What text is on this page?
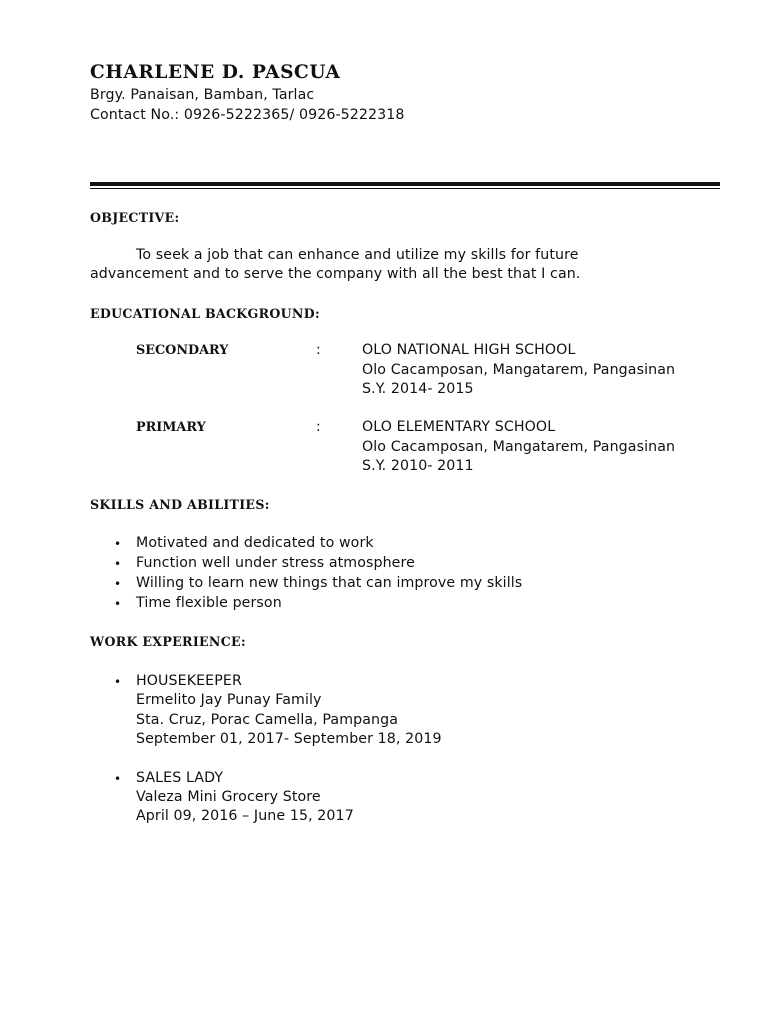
CHARLENE D. PASCUA
Brgy. Panaisan, Bamban, Tarlac
Contact No.: 0926-5222365/ 0926-5222318
OBJECTIVE:
To seek a job that can enhance and utilize my skills for future
advancement and to serve the company with all the best that I can.
EDUCATIONAL BACKGROUND:
SECONDARY	:	OLO NATIONAL HIGH SCHOOL
Olo Cacamposan, Mangatarem, Pangasinan
S.Y. 2014- 2015
PRIMARY	:	OLO ELEMENTARY SCHOOL
Olo Cacamposan, Mangatarem, Pangasinan
S.Y. 2010- 2011
SKILLS AND ABILITIES:
• Motivated and dedicated to work
• Function well under stress atmosphere
• Willing to learn new things that can improve my skills
• Time flexible person
WORK EXPERIENCE:
• HOUSEKEEPER
Ermelito Jay Punay Family
Sta. Cruz, Porac Camella, Pampanga
September 01, 2017- September 18, 2019
• SALES LADY
Valeza Mini Grocery Store
April 09, 2016 – June 15, 2017
